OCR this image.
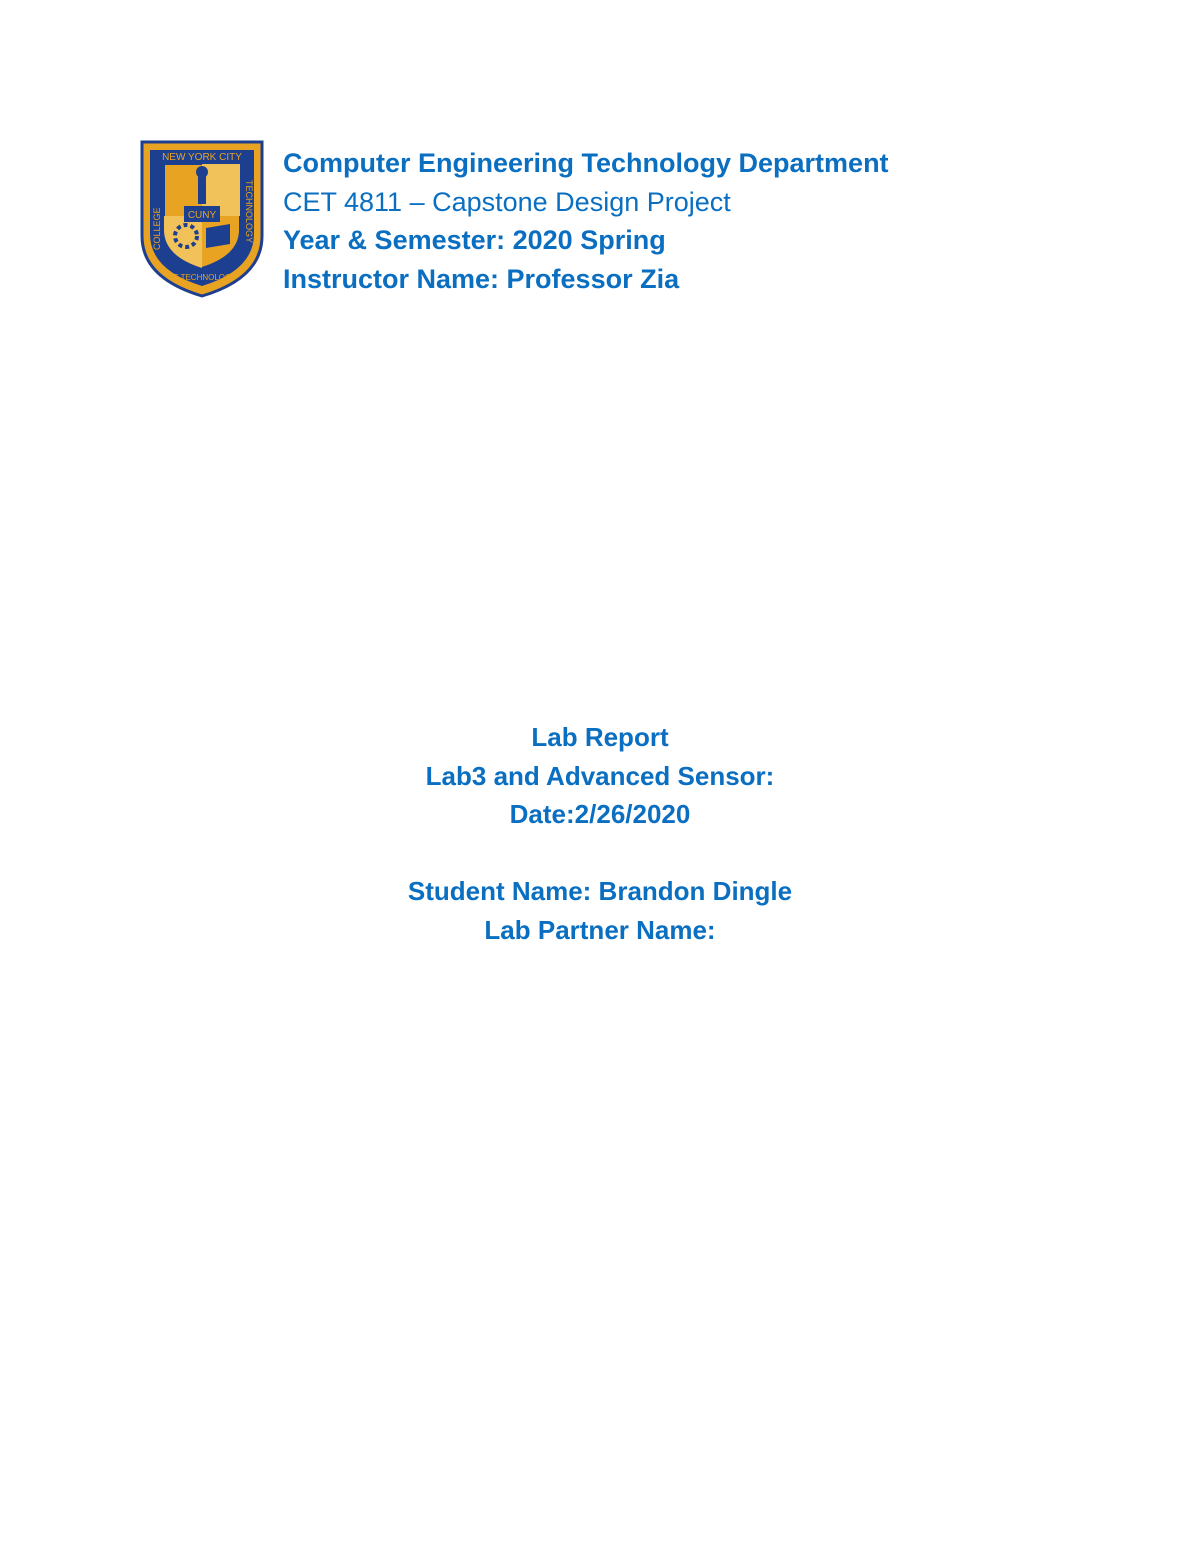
CUNY
NEW YORK CITY
COLLEGE	TECHNOLOGY
OF TECHNOLOGY
Computer Engineering Technology Department
CET 4811 – Capstone Design Project
Year & Semester: 2020 Spring
Instructor Name: Professor Zia
Lab Report
Lab3 and Advanced Sensor:
Date:2/26/2020
Student Name: Brandon Dingle
Lab Partner Name:
